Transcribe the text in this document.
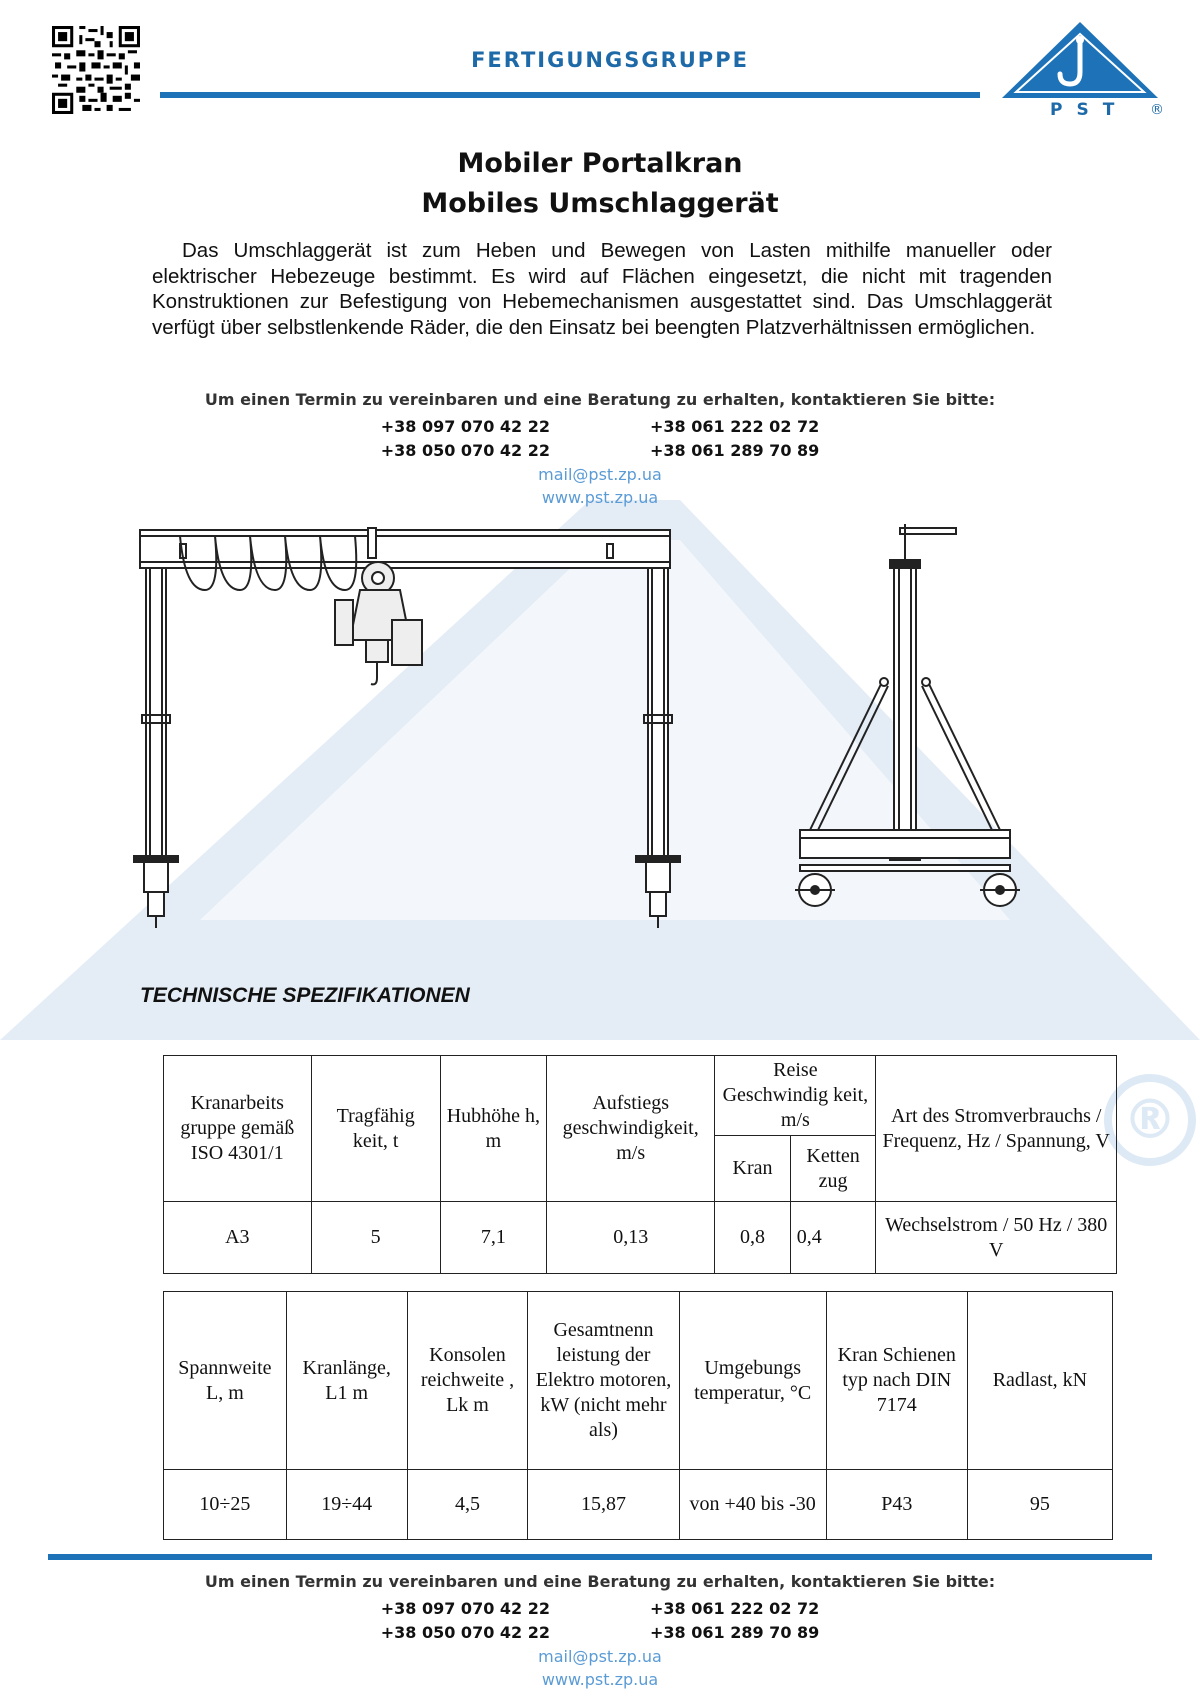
®
FERTIGUNGSGRUPPE
PST ®
Mobiler Portalkran
Mobiles Umschlaggerät
Das Umschlaggerät ist zum Heben und Bewegen von Lasten mithilfe manueller oder elektrischer Hebezeuge bestimmt. Es wird auf Flächen eingesetzt, die nicht mit tragenden Konstruktionen zur Befestigung von Hebemechanismen ausgestattet sind. Das Umschlaggerät verfügt über selbstlenkende Räder, die den Einsatz bei beengten Platzverhältnissen ermöglichen.
Um einen Termin zu vereinbaren und eine Beratung zu erhalten, kontaktieren Sie bitte:
+38 097 070 42 22
+38 050 070 42 22
+38 061 222 02 72
+38 061 289 70 89
mail@pst.zp.ua
www.pst.zp.ua
TECHNISCHE SPEZIFIKATIONEN
Kranarbeits gruppe gemäß ISO 4301/1	Tragfähig keit, t	Hubhöhe h, m	Aufstiegs geschwindigkeit, m/s	Reise Geschwindig keit, m/s		Art des Stromverbrauchs / Frequenz, Hz / Spannung, V
				Kran	Ketten zug	
A3	5	7,1	0,13	0,8	0,4	Wechselstrom / 50 Hz / 380 V
Spannweite L, m	Kranlänge, L1 m	Konsolen reichweite , Lk m	Gesamtnenn leistung der Elektro motoren, kW (nicht mehr als)	Umgebungs temperatur, °C	Kran Schienen typ nach DIN 7174	Radlast, kN
10÷25	19÷44	4,5	15,87	von +40 bis -30	P43	95
Um einen Termin zu vereinbaren und eine Beratung zu erhalten, kontaktieren Sie bitte:
+38 097 070 42 22
+38 050 070 42 22
+38 061 222 02 72
+38 061 289 70 89
mail@pst.zp.ua
www.pst.zp.ua
